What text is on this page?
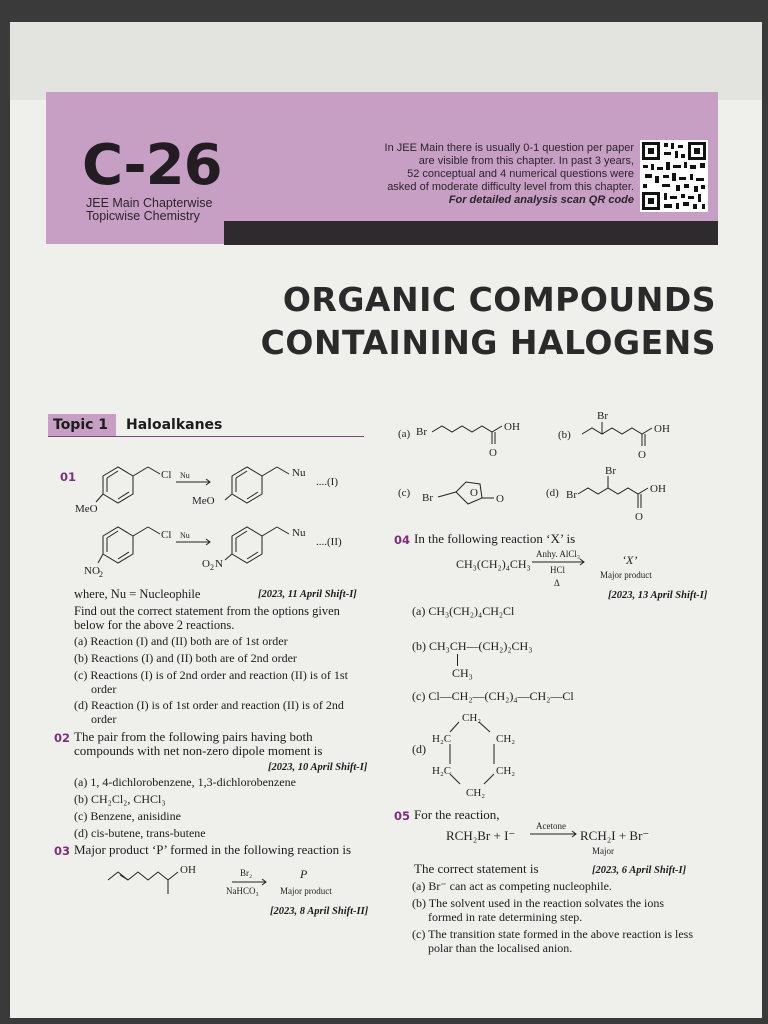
C-26
JEE Main Chapterwise
Topicwise Chemistry
In JEE Main there is usually 0-1 question per paper
are visible from this chapter. In past 3 years,
52 conceptual and 4 numerical questions were
asked of moderate difficulty level from this chapter.
For detailed analysis scan QR code
ORGANIC COMPOUNDS
CONTAINING HALOGENS
Topic 1	Haloalkanes
01	Cl
MeO
Nu	Nu
MeO
Cl
NO 2
Nu	Nu
O 2 N
....(I)
....(II)
where, Nu = Nucleophile	[2023, 11 April Shift-I]
Find out the correct statement from the options given
below for the above 2 reactions.
(a) Reaction (I) and (II) both are of 1st order
(b) Reactions (I) and (II) both are of 2nd order
(c) Reactions (I) is of 2nd order and reaction (II) is of 1st
order
(d) Reaction (I) is of 1st order and reaction (II) is of 2nd
order
02 The pair from the following pairs having both
compounds with net non-zero dipole moment is
[2023, 10 April Shift-I]
(a) 1, 4-dichlorobenzene, 1,3-dichlorobenzene
(b) CH₂Cl₂, CHCl₃
(c) Benzene, anisidine
(d) cis-butene, trans-butene
03 Major product ‘P’ formed in the following reaction is
OH	Br₂
NaHCO₃
P
Major product
[2023, 8 April Shift-II]
(a) Br	OH
O
(b)
Br
OH
O
(c) Br	O
O	(d) Br
Br
OH
O
04 In the following reaction ‘X’ is
CH₃(CH₂)₄CH₃
Anhy. AlCl₃
HCl
Δ
‘X’
Major product
[2023, 13 April Shift-I]
(a) CH₃(CH₂)₄CH₂Cl
(b) CH₃CH—(CH₂)₂CH₃
CH₃
(c) Cl—CH₂—(CH₂)₄—CH₂—Cl
(d)
CH₂
H₂C	CH₂
H₂C	CH₂
CH₂
05 For the reaction,
RCH₂Br + I⁻
Acetone
RCH₂I + Br⁻
Major
The correct statement is	[2023, 6 April Shift-I]
(a) Br⁻ can act as competing nucleophile.
(b) The solvent used in the reaction solvates the ions
formed in rate determining step.
(c) The transition state formed in the above reaction is less
polar than the localised anion.
